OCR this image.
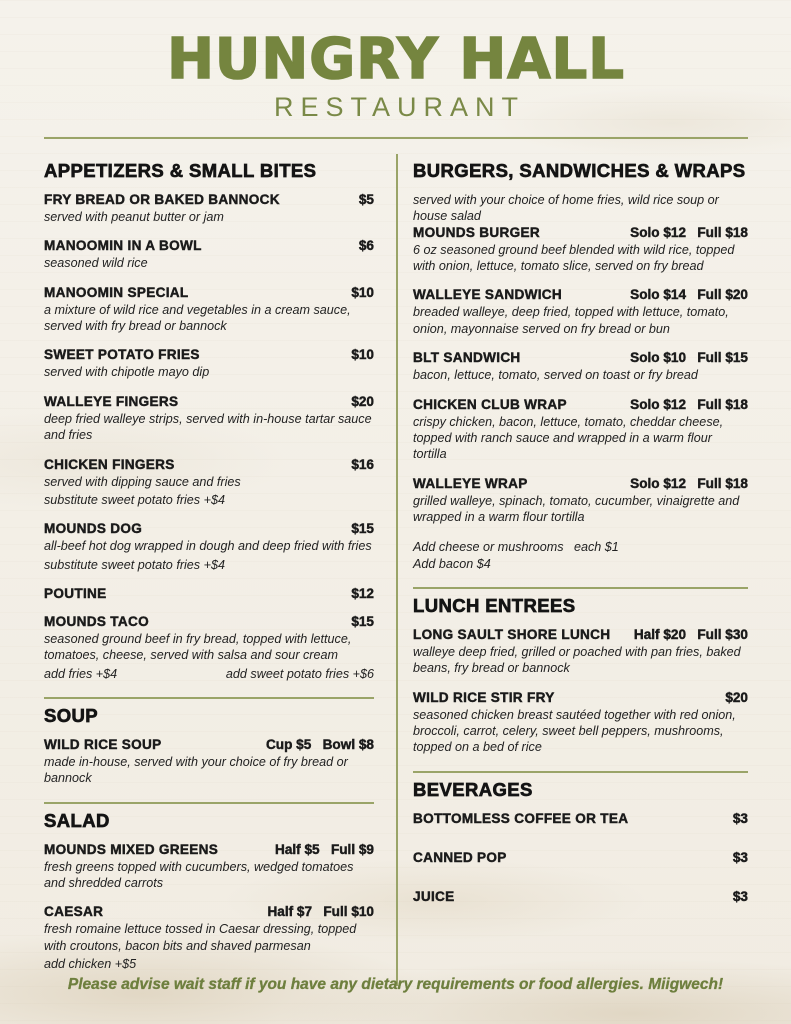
HUNGRY HALL
RESTAURANT
APPETIZERS & SMALL BITES
FRY BREAD OR BAKED BANNOCK	$5

served with peanut butter or jam

MANOOMIN IN A BOWL	$6

seasoned wild rice

MANOOMIN SPECIAL	$10

a mixture of wild rice and vegetables in a cream sauce, served with fry bread or bannock

SWEET POTATO FRIES	$10

served with chipotle mayo dip

WALLEYE FINGERS	$20

deep fried walleye strips, served with in-house tartar sauce and fries

CHICKEN FINGERS	$16

served with dipping sauce and fries

substitute sweet potato fries +$4

MOUNDS DOG	$15

all-beef hot dog wrapped in dough and deep fried with fries

substitute sweet potato fries +$4

POUTINE	$12
MOUNDS TACO	$15

seasoned ground beef in fry bread, topped with lettuce, tomatoes, cheese, served with salsa and sour cream

add fries +$4	add sweet potato fries +$6
SOUP
WILD RICE SOUP	Cup $5   Bowl $8

made in-house, served with your choice of fry bread or bannock

SALAD
MOUNDS MIXED GREENS	Half $5   Full $9

fresh greens topped with cucumbers, wedged tomatoes and shredded carrots

CAESAR	Half $7   Full $10

fresh romaine lettuce tossed in Caesar dressing, topped with croutons, bacon bits and shaved parmesan

add chicken +$5

BURGERS, SANDWICHES & WRAPS

served with your choice of home fries, wild rice soup or house salad

MOUNDS BURGER	Solo $12   Full $18

6 oz seasoned ground beef blended with wild rice, topped with onion, lettuce, tomato slice, served on fry bread

WALLEYE SANDWICH	Solo $14   Full $20

breaded walleye, deep fried, topped with lettuce, tomato, onion, mayonnaise served on fry bread or bun

BLT SANDWICH	Solo $10   Full $15

bacon, lettuce, tomato, served on toast or fry bread

CHICKEN CLUB WRAP	Solo $12   Full $18

crispy chicken, bacon, lettuce, tomato, cheddar cheese, topped with ranch sauce and wrapped in a warm flour tortilla

WALLEYE WRAP	Solo $12   Full $18

grilled walleye, spinach, tomato, cucumber, vinaigrette and wrapped in a warm flour tortilla

Add cheese or mushrooms   each $1

Add bacon $4

LUNCH ENTREES
LONG SAULT SHORE LUNCH	Half $20   Full $30

walleye deep fried, grilled or poached with pan fries, baked beans, fry bread or bannock

WILD RICE STIR FRY	$20

seasoned chicken breast sautéed together with red onion, broccoli, carrot, celery, sweet bell peppers, mushrooms, topped on a bed of rice

BEVERAGES
BOTTOMLESS COFFEE OR TEA	$3
CANNED POP	$3
JUICE	$3

Please advise wait staff if you have any dietary requirements or food allergies. Miigwech!
